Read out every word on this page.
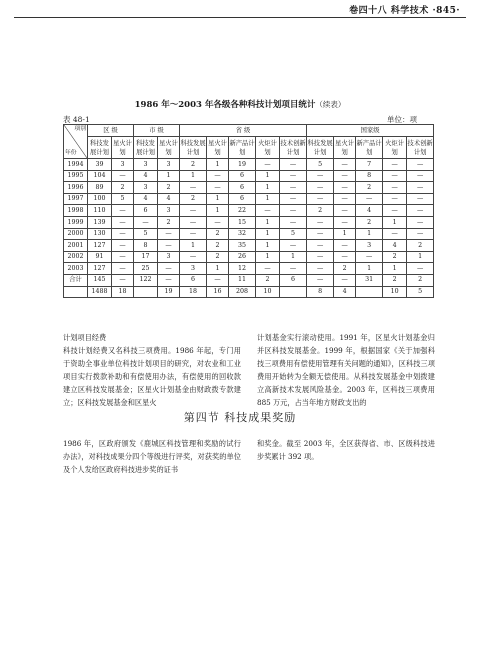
卷四十八 科学技术 ·845·
1986 年～2003 年各级各种科技计划项目统计（续表）
表 48-1	单位：项
项别
年份	区 级		市 级		省 级					国家级				
	科技发展计划	星火计划	科技发展计划	星火计划	科技发展计划	星火计划	新产品计划	火炬计划	技术创新计划	科技发展计划	星火计划	新产品计划	火炬计划	技术创新计划
1994	39	3	3	3	2	1	19	—	—	5	—	7	—	—
1995	104	—	4	1	1	—	6	1	—	—	—	8	—	—
1996	89	2	3	2	—	—	6	1	—	—	—	2	—	—
1997	100	5	4	4	2	1	6	1	—	—	—	—	—	—
1998	110	—	6	3	—	1	22	—	—	2	—	4	—	—
1999	139	—	—	2	—	—	15	1	—	—	—	2	1	—
2000	130	—	5	—	—	2	32	1	5	—	1	1	—	—
2001	127	—	8	—	1	2	35	1	—	—	—	3	4	2
2002	91	—	17	3	—	2	26	1	1	—	—	—	2	1
2003	127	—	25	—	3	1	12	—	—	—	2	1	1	—
合计	145	—	122	—	6	—	11	2	6	—	—	31	2	2
	1488	18		19	18	16	208	10		8	4		10	5
计划项目经费
科技计划经费又名科技三项费用。1986 年起，专门用于资助全事业单位科技计划项目的研究，对农业和工业项目实行拨款补助和有偿使用办法，有偿使用的回收款建立区科技发展基金；区星火计划基金由财政拨专款建立；区科技发展基金和区星火
计划基金实行滚动使用。1991 年，区星火计划基金归并区科技发展基金。1999 年，根据国家《关于加强科技三项费用有偿使用管理有关问题的通知》，区科技三项费用开始转为全额无偿使用。从科技发展基金中划拨建立高新技术发展风险基金。2003 年，区科技三项费用 885 万元，占当年地方财政支出的
第四节 科技成果奖励
1986 年，区政府颁发《鹿城区科技管理和奖励的试行办法》，对科技成果分四个等级进行评奖，对获奖的单位及个人发给区政府科技进步奖的证书
和奖金。截至 2003 年，全区获得省、市、区级科技进步奖累计 392 项。
